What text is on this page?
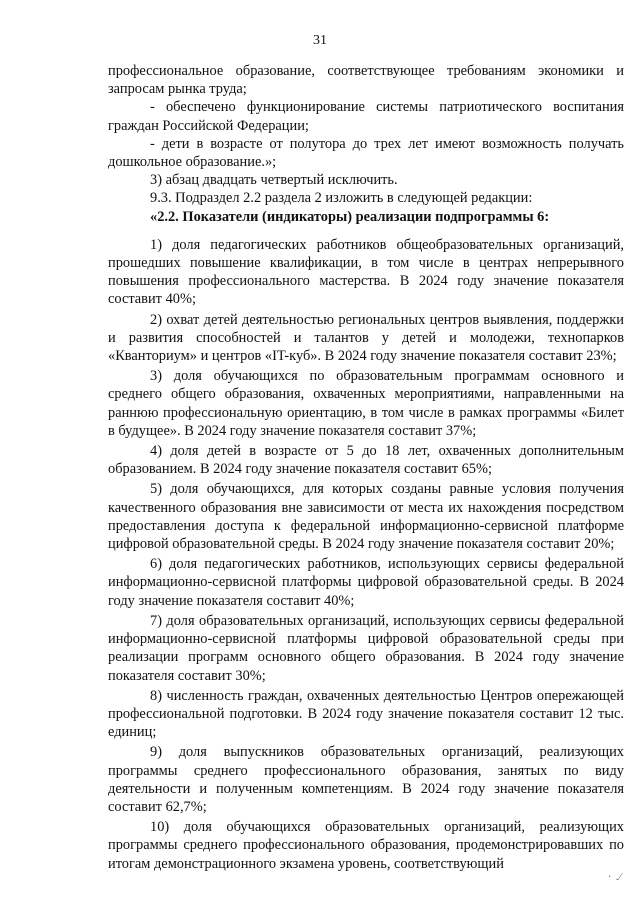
31

профессиональное образование, соответствующее требованиям экономики и запросам рынка труда;

- обеспечено функционирование системы патриотического воспитания граждан Российской Федерации;

- дети в возрасте от полутора до трех лет имеют возможность получать дошкольное образование.»;

3) абзац двадцать четвертый исключить.

9.3. Подраздел 2.2 раздела 2 изложить в следующей редакции:

«2.2. Показатели (индикаторы) реализации подпрограммы 6:

1) доля педагогических работников общеобразовательных организаций, прошедших повышение квалификации, в том числе в центрах непрерывного повышения профессионального мастерства. В 2024 году значение показателя составит 40%;

2) охват детей деятельностью региональных центров выявления, поддержки и развития способностей и талантов у детей и молодежи, технопарков «Кванториум» и центров «IT-куб». В 2024 году значение показателя составит 23%;

3) доля обучающихся по образовательным программам основного и среднего общего образования, охваченных мероприятиями, направленными на раннюю профессиональную ориентацию, в том числе в рамках программы «Билет в будущее». В 2024 году значение показателя составит 37%;

4) доля детей в возрасте от 5 до 18 лет, охваченных дополнительным образованием. В 2024 году значение показателя составит 65%;

5) доля обучающихся, для которых созданы равные условия получения качественного образования вне зависимости от места их нахождения посредством предоставления доступа к федеральной информационно-сервисной платформе цифровой образовательной среды. В 2024 году значение показателя составит 20%;

6) доля педагогических работников, использующих сервисы федеральной информационно-сервисной платформы цифровой образовательной среды. В 2024 году значение показателя составит 40%;

7) доля образовательных организаций, использующих сервисы федеральной информационно-сервисной платформы цифровой образовательной среды при реализации программ основного общего образования. В 2024 году значение показателя составит 30%;

8) численность граждан, охваченных деятельностью Центров опережающей профессиональной подготовки. В 2024 году значение показателя составит 12 тыс. единиц;

9) доля выпускников образовательных организаций, реализующих программы среднего профессионального образования, занятых по виду деятельности и полученным компетенциям. В 2024 году значение показателя составит 62,7%;

10) доля обучающихся образовательных организаций, реализующих программы среднего профессионального образования, продемонстрировавших по итогам демонстрационного экзамена уровень, соответствующий

· .⁄
